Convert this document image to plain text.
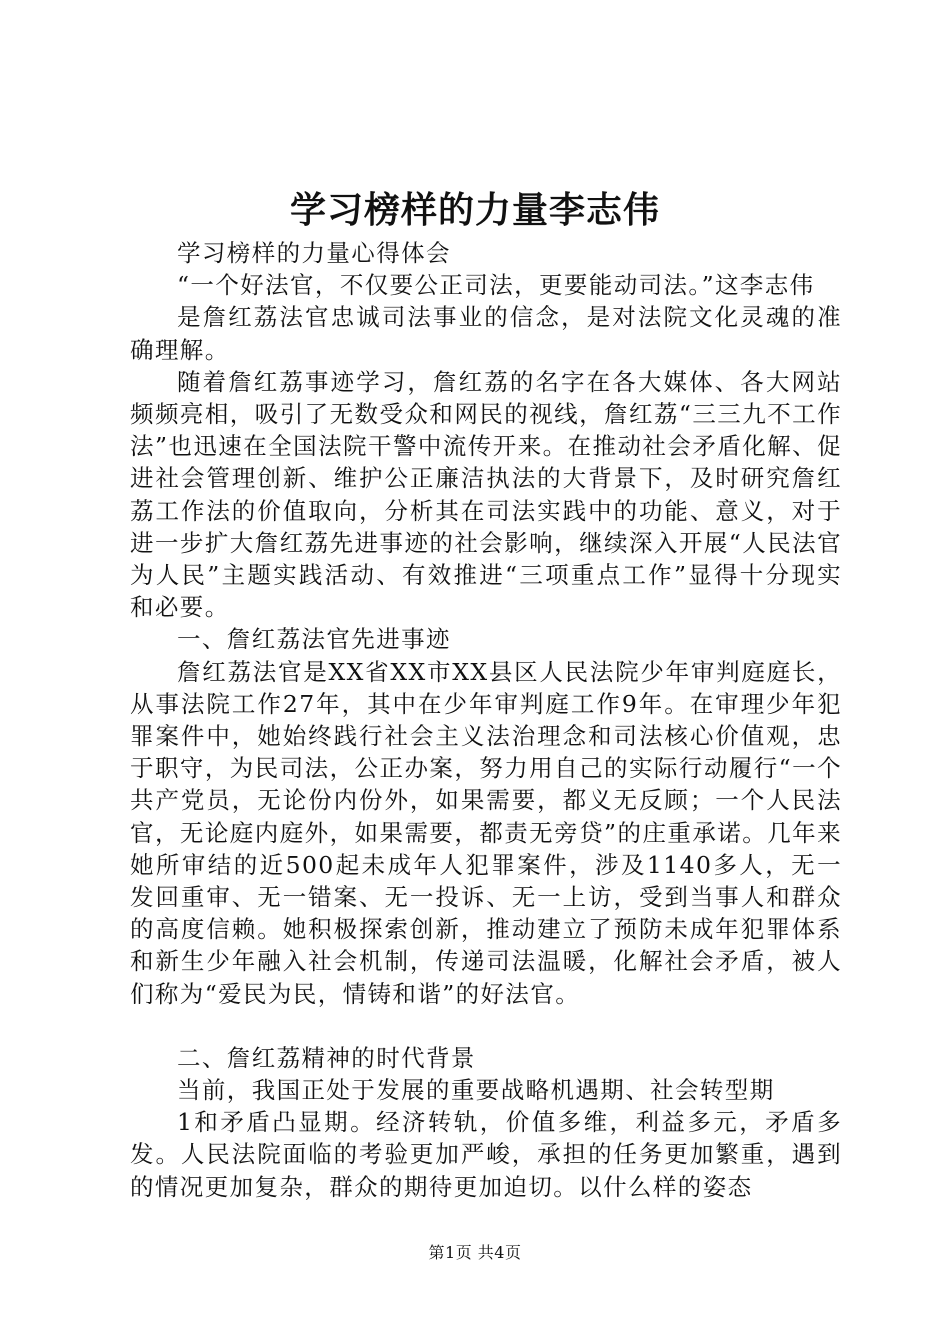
学习榜样的力量李志伟

学习榜样的力量心得体会

“一个好法官，不仅要公正司法，更要能动司法。”这李志伟

是詹红荔法官忠诚司法事业的信念，是对法院文化灵魂的准确理解。

随着詹红荔事迹学习，詹红荔的名字在各大媒体、各大网站频频亮相，吸引了无数受众和网民的视线，詹红荔“三三九不工作法”也迅速在全国法院干警中流传开来。在推动社会矛盾化解、促进社会管理创新、维护公正廉洁执法的大背景下，及时研究詹红荔工作法的价值取向，分析其在司法实践中的功能、意义，对于进一步扩大詹红荔先进事迹的社会影响，继续深入开展“人民法官为人民”主题实践活动、有效推进“三项重点工作”显得十分现实和必要。

一、詹红荔法官先进事迹

詹红荔法官是XX省XX市XX县区人民法院少年审判庭庭长，从事法院工作27年，其中在少年审判庭工作9年。在审理少年犯罪案件中，她始终践行社会主义法治理念和司法核心价值观，忠于职守，为民司法，公正办案，努力用自己的实际行动履行“一个共产党员，无论份内份外，如果需要，都义无反顾；一个人民法官，无论庭内庭外，如果需要，都责无旁贷”的庄重承诺。几年来她所审结的近500起未成年人犯罪案件，涉及1140多人，无一发回重审、无一错案、无一投诉、无一上访，受到当事人和群众的高度信赖。她积极探索创新，推动建立了预防未成年犯罪体系和新生少年融入社会机制，传递司法温暖，化解社会矛盾，被人们称为“爱民为民，情铸和谐”的好法官。

二、詹红荔精神的时代背景

当前，我国正处于发展的重要战略机遇期、社会转型期

1和矛盾凸显期。经济转轨，价值多维，利益多元，矛盾多发。人民法院面临的考验更加严峻，承担的任务更加繁重，遇到的情况更加复杂，群众的期待更加迫切。以什么样的姿态

第1页 共4页
